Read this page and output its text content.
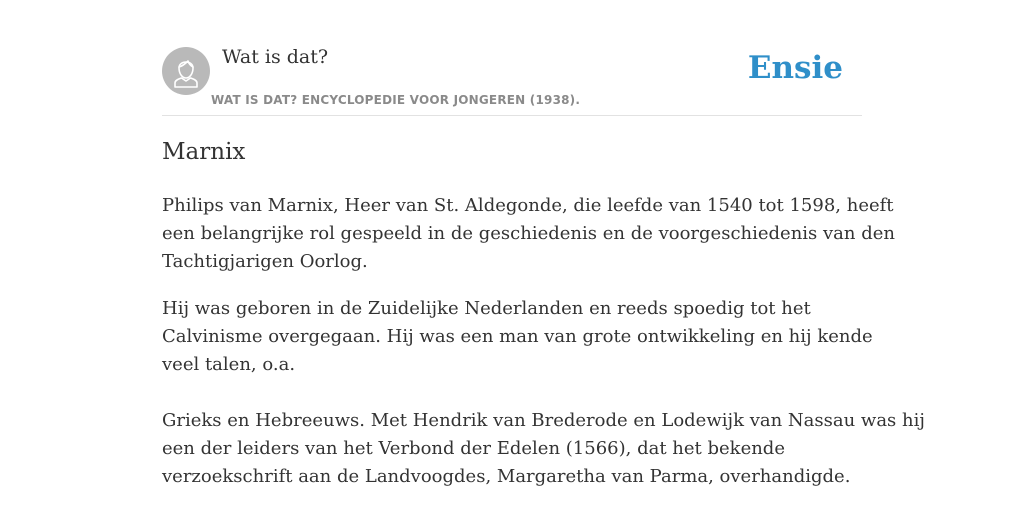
Wat is dat?
WAT IS DAT? ENCYCLOPEDIE VOOR JONGEREN (1938).
Ensie
Marnix

Philips van Marnix, Heer van St. Aldegonde, die leefde van 1540 tot 1598, heeft
een belangrijke rol gespeeld in de geschiedenis en de voorgeschiedenis van den
Tachtigjarigen Oorlog.

Hij was geboren in de Zuidelijke Nederlanden en reeds spoedig tot het
Calvinisme overgegaan. Hij was een man van grote ontwikkeling en hij kende
veel talen, o.a.

Grieks en Hebreeuws. Met Hendrik van Brederode en Lodewijk van Nassau was hij
een der leiders van het Verbond der Edelen (1566), dat het bekende
verzoekschrift aan de Landvoogdes, Margaretha van Parma, overhandigde.
